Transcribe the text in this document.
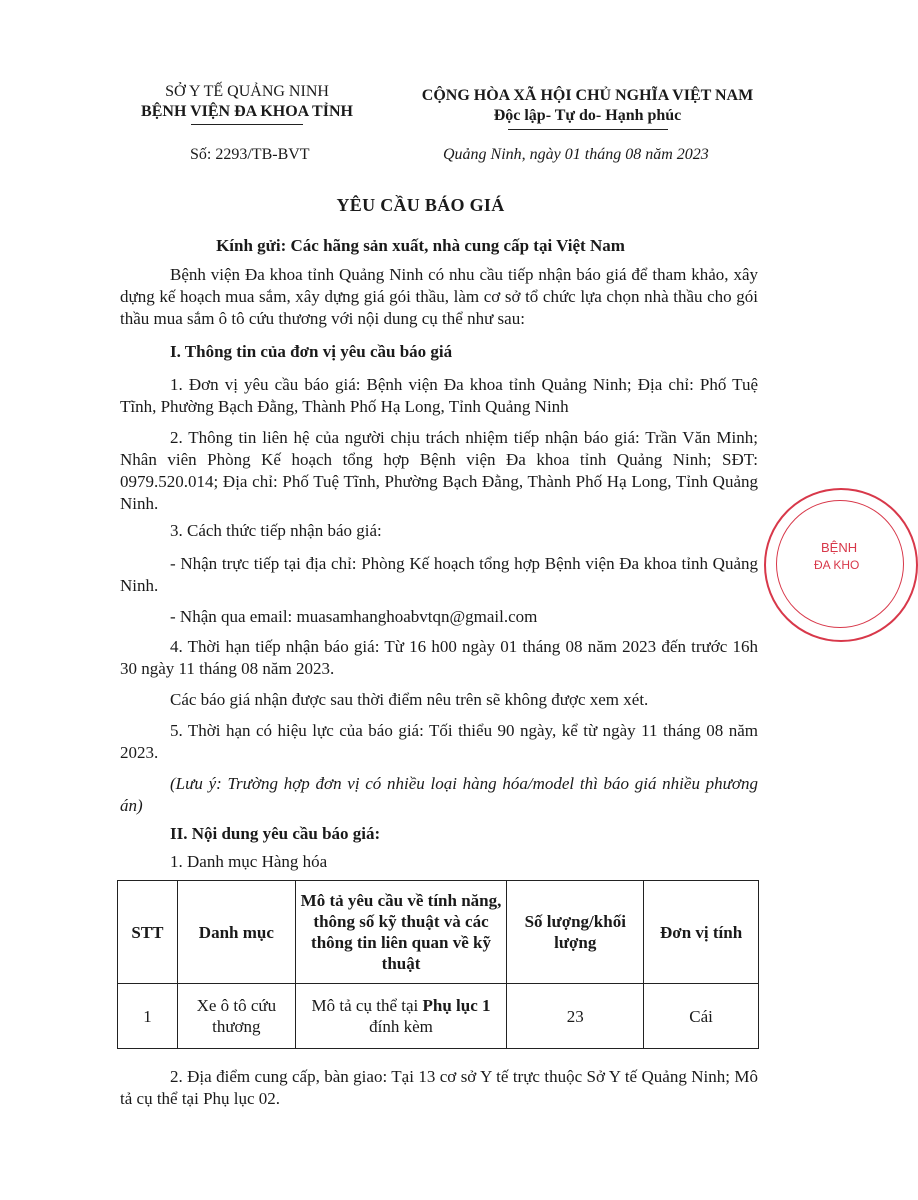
SỞ Y TẾ QUẢNG NINH
BỆNH VIỆN ĐA KHOA TỈNH
CỘNG HÒA XÃ HỘI CHỦ NGHĨA VIỆT NAM
Độc lập- Tự do- Hạnh phúc
Số: 2293/TB-BVT	Quảng Ninh, ngày 01 tháng 08 năm 2023
YÊU CẦU BÁO GIÁ
Kính gửi: Các hãng sản xuất, nhà cung cấp tại Việt Nam
Bệnh viện Đa khoa tỉnh Quảng Ninh có nhu cầu tiếp nhận báo giá để tham khảo, xây dựng kế hoạch mua sắm, xây dựng giá gói thầu, làm cơ sở tổ chức lựa chọn nhà thầu cho gói thầu mua sắm ô tô cứu thương với nội dung cụ thể như sau:
I. Thông tin của đơn vị yêu cầu báo giá
1. Đơn vị yêu cầu báo giá: Bệnh viện Đa khoa tỉnh Quảng Ninh; Địa chỉ: Phố Tuệ Tĩnh, Phường Bạch Đằng, Thành Phố Hạ Long, Tỉnh Quảng Ninh
2. Thông tin liên hệ của người chịu trách nhiệm tiếp nhận báo giá: Trần Văn Minh; Nhân viên Phòng Kế hoạch tổng hợp Bệnh viện Đa khoa tỉnh Quảng Ninh; SĐT: 0979.520.014; Địa chỉ: Phố Tuệ Tĩnh, Phường Bạch Đằng, Thành Phố Hạ Long, Tỉnh Quảng Ninh.
3. Cách thức tiếp nhận báo giá:
- Nhận trực tiếp tại địa chỉ: Phòng Kế hoạch tổng hợp Bệnh viện Đa khoa tỉnh Quảng Ninh.
- Nhận qua email: muasamhanghoabvtqn@gmail.com
4. Thời hạn tiếp nhận báo giá: Từ 16 h00 ngày 01 tháng 08 năm 2023 đến trước 16h 30 ngày 11 tháng 08 năm 2023.
Các báo giá nhận được sau thời điểm nêu trên sẽ không được xem xét.
5. Thời hạn có hiệu lực của báo giá: Tối thiểu 90 ngày, kể từ ngày 11 tháng 08 năm 2023.
(Lưu ý: Trường hợp đơn vị có nhiều loại hàng hóa/model thì báo giá nhiều phương án)
II. Nội dung yêu cầu báo giá:
1. Danh mục Hàng hóa
STT	Danh mục	Mô tả yêu cầu về tính năng, thông số kỹ thuật và các thông tin liên quan về kỹ thuật	Số lượng/khối lượng	Đơn vị tính
1	Xe ô tô cứu thương	Mô tả cụ thể tại Phụ lục 1 đính kèm	23	Cái
2. Địa điểm cung cấp, bàn giao: Tại 13 cơ sở Y tế trực thuộc Sở Y tế Quảng Ninh; Mô tả cụ thể tại Phụ lục 02.
BỆNH
ĐA KHO
